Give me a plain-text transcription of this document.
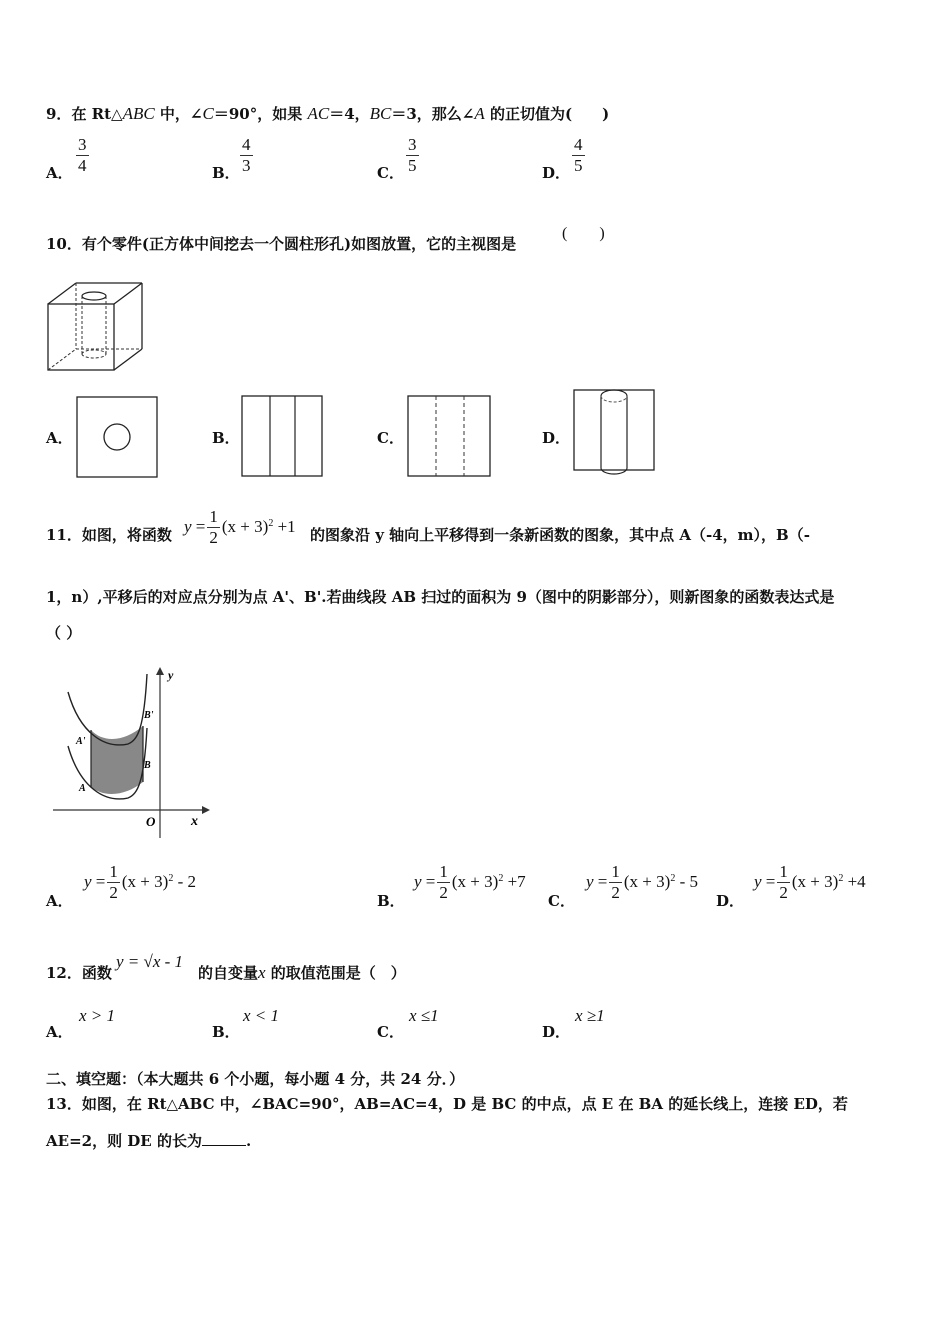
9．在 Rt△ABC 中，∠C＝90°，如果 AC＝4，BC＝3，那么∠A 的正切值为(　　)
A． $\frac{3}{4}$	B． $\frac{4}{3}$	C． $\frac{3}{5}$	D． $\frac{4}{5}$
10．有个零件(正方体中间挖去一个圆柱形孔)如图放置，它的主视图是
(　　)
A．	B．	C．	D．
11．如图，将函数 y
= $\frac{1}{2} (x + 3)^2$
+1 的图象沿 y 轴向上平移得到一条新函数的图象，其中点 A（-4，m），B（-
1，n）,平移后的对应点分别为点 A'、B'.若曲线段 AB 扫过的面积为 9（图中的阴影部分），则新图象的函数表达式是
（ ）
y
x
O
A
B
A'
B'
A．
y
= $\frac{1}{2} (x + 3)^2$
- 2
B．
y
= $\frac{1}{2} (x + 3)^2$
+7
C．
y
= $\frac{1}{2} (x + 3)^2$
- 5
D．
y
= $\frac{1}{2} (x + 3)^2$
+4
12．函数
y = √x - 1
的自变量x 的取值范围是（　）
A．
x > 1
B．
x < 1
C．
x ≤1
D．
x ≥1
二、填空题：（本大题共 6 个小题，每小题 4 分，共 24 分．）
13．如图，在 Rt△ABC 中，∠BAC=90°，AB=AC=4，D 是 BC 的中点，点 E 在 BA 的延长线上，连接 ED，若
AE=2，则 DE 的长为	.
